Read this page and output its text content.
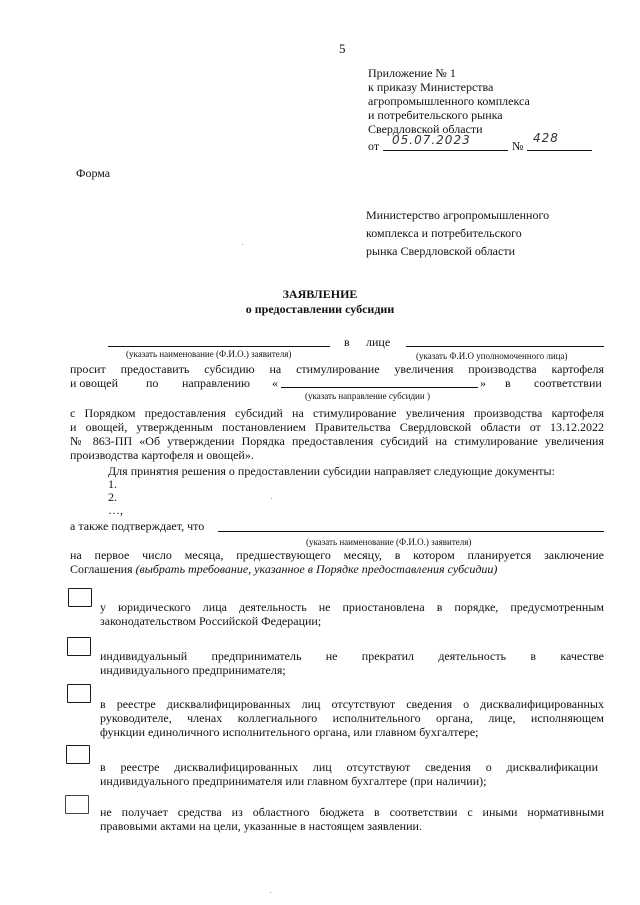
5
Приложение № 1
к приказу Министерства
агропромышленного комплекса
и потребительского рынка
Свердловской области
от 05.07.2023	№
428
Форма
Министерство агропромышленного
комплекса и потребительского
рынка Свердловской области
ЗАЯВЛЕНИЕ
о предоставлении субсидии
в лице
(указать наименование (Ф.И.О.) заявителя)	(указать Ф.И.О уполномоченного лица)
просит предоставить субсидию на стимулирование увеличения производства картофеля
и овощей по направлению «	» в соответствии
(указать направление субсидии )
с Порядком предоставления субсидий на стимулирование увеличения производства картофеля
и овощей, утвержденным постановлением Правительства Свердловской области от 13.12.2022
№ 863-ПП «Об утверждении Порядка предоставления субсидий на стимулирование увеличения
производства картофеля и овощей».
Для принятия решения о предоставлении субсидии направляет следующие документы:
1.
2.
…,
а также подтверждает, что
(указать наименование (Ф.И.О.) заявителя)
на первое число месяца, предшествующего месяцу, в котором планируется заключение
Соглашения (выбрать требование, указанное в Порядке предоставления субсидии)
у юридического лица деятельность не приостановлена в порядке, предусмотренным
законодательством Российской Федерации;
индивидуальный предприниматель не прекратил деятельность в качестве
индивидуального предпринимателя;
в реестре дисквалифицированных лиц отсутствуют сведения о дисквалифицированных
руководителе, членах коллегиального исполнительного органа, лице, исполняющем
функции единоличного исполнительного органа, или главном бухгалтере;
в реестре дисквалифицированных лиц отсутствуют сведения о дисквалификации
индивидуального предпринимателя или главном бухгалтере (при наличии);
не получает средства из областного бюджета в соответствии с иными нормативными
правовыми актами на цели, указанные в настоящем заявлении.
